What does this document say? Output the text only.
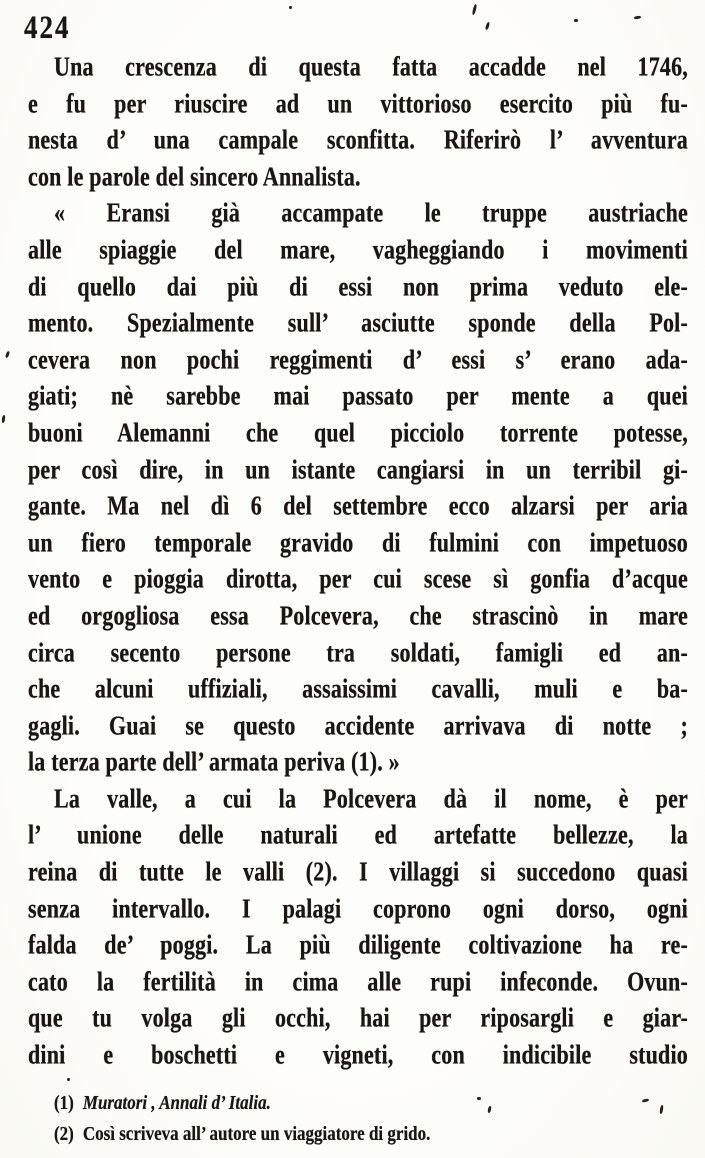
424
Una crescenza di questa fatta accadde nel 1746,
e fu per riuscire ad un vittorioso esercito più fu-
nesta d’ una campale sconfitta. Riferirò l’ avventura
con le parole del sincero Annalista.
« Eransi già accampate le truppe austriache
alle spiaggie del mare, vagheggiando i movimenti
di quello dai più di essi non prima veduto ele-
mento. Spezialmente sull’ asciutte sponde della Pol-
cevera non pochi reggimenti d’ essi s’ erano ada-
giati; nè sarebbe mai passato per mente a quei
buoni Alemanni che quel picciolo torrente potesse,
per così dire, in un istante cangiarsi in un terribil gi-
gante. Ma nel dì 6 del settembre ecco alzarsi per aria
un fiero temporale gravido di fulmini con impetuoso
vento e pioggia dirotta, per cui scese sì gonfia d’acque
ed orgogliosa essa Polcevera, che strascinò in mare
circa secento persone tra soldati, famigli ed an-
che alcuni uffiziali, assaissimi cavalli, muli e ba-
gagli. Guai se questo accidente arrivava di notte ;
la terza parte dell’ armata periva (1). »
La valle, a cui la Polcevera dà il nome, è per
l’ unione delle naturali ed artefatte bellezze, la
reina di tutte le valli (2). I villaggi si succedono quasi
senza intervallo. I palagi coprono ogni dorso, ogni
falda de’ poggi. La più diligente coltivazione ha re-
cato la fertilità in cima alle rupi infeconde. Ovun-
que tu volga gli occhi, hai per riposargli e giar-
dini e boschetti e vigneti, con indicibile studio
(1) Muratori , Annali d’ Italia.
(2) Così scriveva all’ autore un viaggiatore di grido.
